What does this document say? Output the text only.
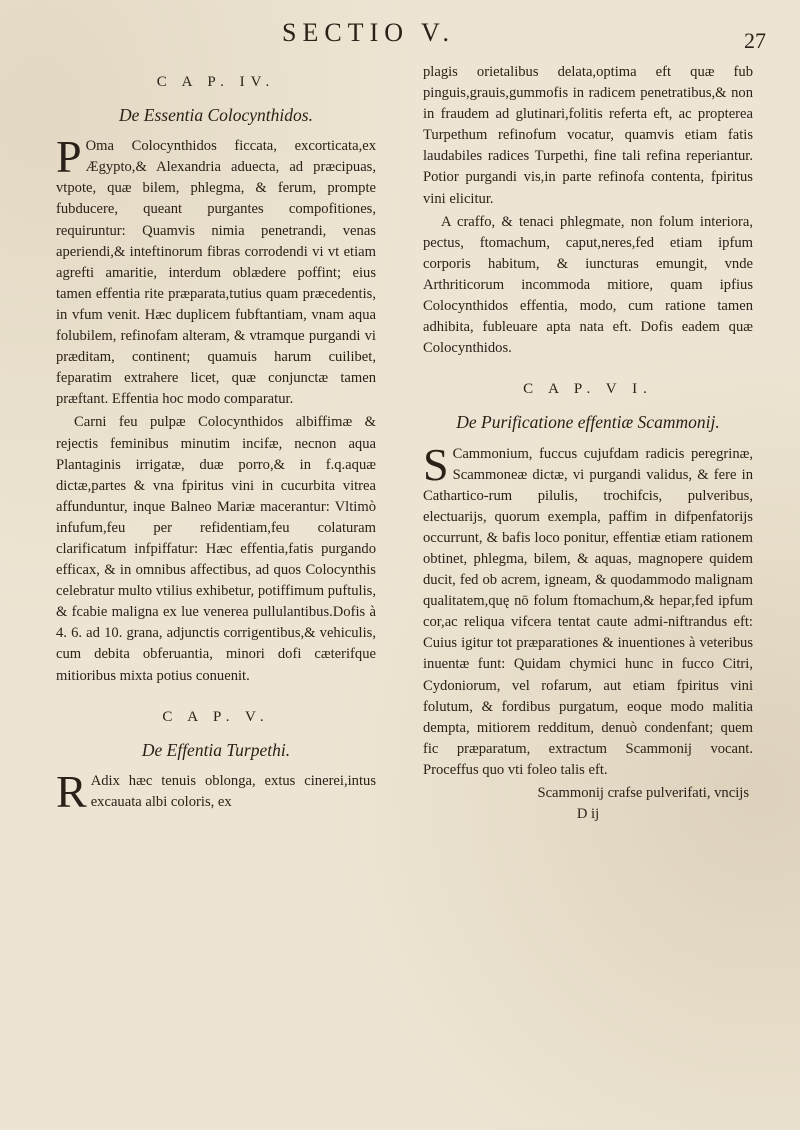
SECTIO V.	27
C A P. IV.
De Essentia Colocynthidos.

POma Colocynthidos ficcata, excorticata,ex Ægypto,& Alexandria aduecta, ad præcipuas, vtpote, quæ bilem, phlegma, & ferum, prompte fubducere, queant purgantes compofitiones, requiruntur: Quamvis nimia penetrandi, venas aperiendi,& inteftinorum fibras corrodendi vi vt etiam agrefti amaritie, interdum oblædere poffint; eius tamen effentia rite præparata,tutius quam præcedentis, in vfum venit. Hæc duplicem fubftantiam, vnam aqua folubilem, refinofam alteram, & vtramque purgandi vi præditam, continent; quamuis harum cuilibet, feparatim extrahere licet, quæ conjunctæ tamen præftant. Effentia hoc modo comparatur.

Carni feu pulpæ Colocynthidos albiffimæ & rejectis feminibus minutim incifæ, necnon aqua Plantaginis irrigatæ, duæ porro,& in f.q.aquæ dictæ,partes & vna fpiritus vini in cucurbita vitrea affunduntur, inque Balneo Mariæ macerantur: Vltimò infufum,feu per refidentiam,feu colaturam clarificatum infpiffatur: Hæc effentia,fatis purgando efficax, & in omnibus affectibus, ad quos Colocynthis celebratur multo vtilius exhibetur, potiffimum puftulis, & fcabie maligna ex lue venerea pullulantibus.Dofis à 4. 6. ad 10. grana, adjunctis corrigentibus,& vehiculis, cum debita obferuantia, minori dofi cæterifque mitioribus mixta potius conuenit.

C A P. V.
De Effentia Turpethi.

RAdix hæc tenuis oblonga, extus cinerei,intus excauata albi coloris, ex

plagis orietalibus delata,optima eft quæ fub pinguis,grauis,gummofis in radicem penetratibus,& non in fraudem ad glutinari,folitis referta eft, ac propterea Turpethum refinofum vocatur, quamvis etiam fatis laudabiles radices Turpethi, fine tali refina reperiantur. Potior purgandi vis,in parte refinofa contenta, fpiritus vini elicitur.

A craffo, & tenaci phlegmate, non folum interiora, pectus, ftomachum, caput,neres,fed etiam ipfum corporis habitum, & iuncturas emungit, vnde Arthriticorum incommoda mitiore, quam ipfius Colocynthidos effentia, modo, cum ratione tamen adhibita, fubleuare apta nata eft. Dofis eadem quæ Colocynthidos.

C A P. V I.
De Purificatione effentiæ Scammonij.

SCammonium, fuccus cujufdam radicis peregrinæ, Scammoneæ dictæ, vi purgandi validus, & fere in Cathartico-rum pilulis, trochifcis, pulveribus, electuarijs, quorum exempla, paffim in difpenfatorijs occurrunt, & bafis loco ponitur, effentiæ etiam rationem obtinet, phlegma, bilem, & aquas, magnopere quidem ducit, fed ob acrem, igneam, & quodammodo malignam qualitatem,quę nō folum ftomachum,& hepar,fed ipfum cor,ac reliqua vifcera tentat caute admi-niftrandus eft: Cuius igitur tot præparationes & inuentiones à veteribus inuentæ funt: Quidam chymici hunc in fucco Citri, Cydoniorum, vel rofarum, aut etiam fpiritus vini folutum, & fordibus purgatum, eoque modo malitia dempta, mitiorem redditum, denuò condenfant; quem fic præparatum, extractum Scammonij vocant. Proceffus quo vti foleo talis eft.

Scammonij crafse pulverifati, vncijs
D ij
